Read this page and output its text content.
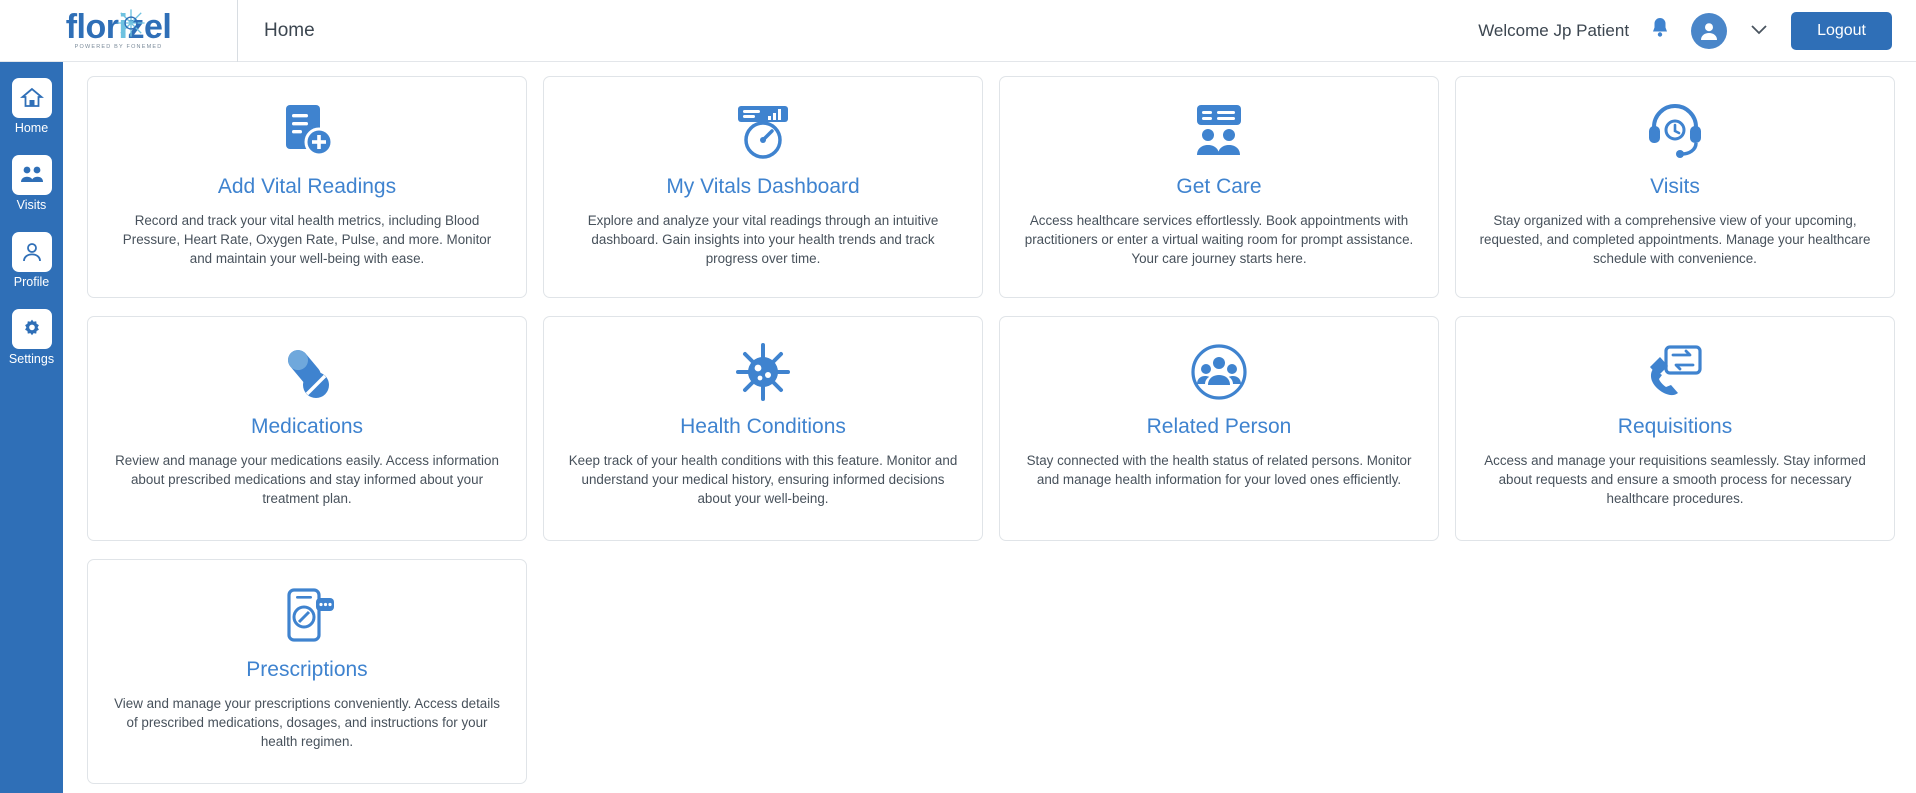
florizel
POWERED BY FONEMED
Home	Welcome Jp Patient	Logout
Home
Visits
Profile
Settings
Add Vital Readings
Record and track your vital health metrics, including Blood Pressure, Heart Rate, Oxygen Rate, Pulse, and more. Monitor and maintain your well-being with ease.
My Vitals Dashboard
Explore and analyze your vital readings through an intuitive dashboard. Gain insights into your health trends and track progress over time.
Get Care
Access healthcare services effortlessly. Book appointments with practitioners or enter a virtual waiting room for prompt assistance. Your care journey starts here.
Visits
Stay organized with a comprehensive view of your upcoming, requested, and completed appointments. Manage your healthcare schedule with convenience.
Medications
Review and manage your medications easily. Access information about prescribed medications and stay informed about your treatment plan.
Health Conditions
Keep track of your health conditions with this feature. Monitor and understand your medical history, ensuring informed decisions about your well-being.
Related Person
Stay connected with the health status of related persons. Monitor and manage health information for your loved ones efficiently.
Requisitions
Access and manage your requisitions seamlessly. Stay informed about requests and ensure a smooth process for necessary healthcare procedures.
Prescriptions
View and manage your prescriptions conveniently. Access details of prescribed medications, dosages, and instructions for your health regimen.
